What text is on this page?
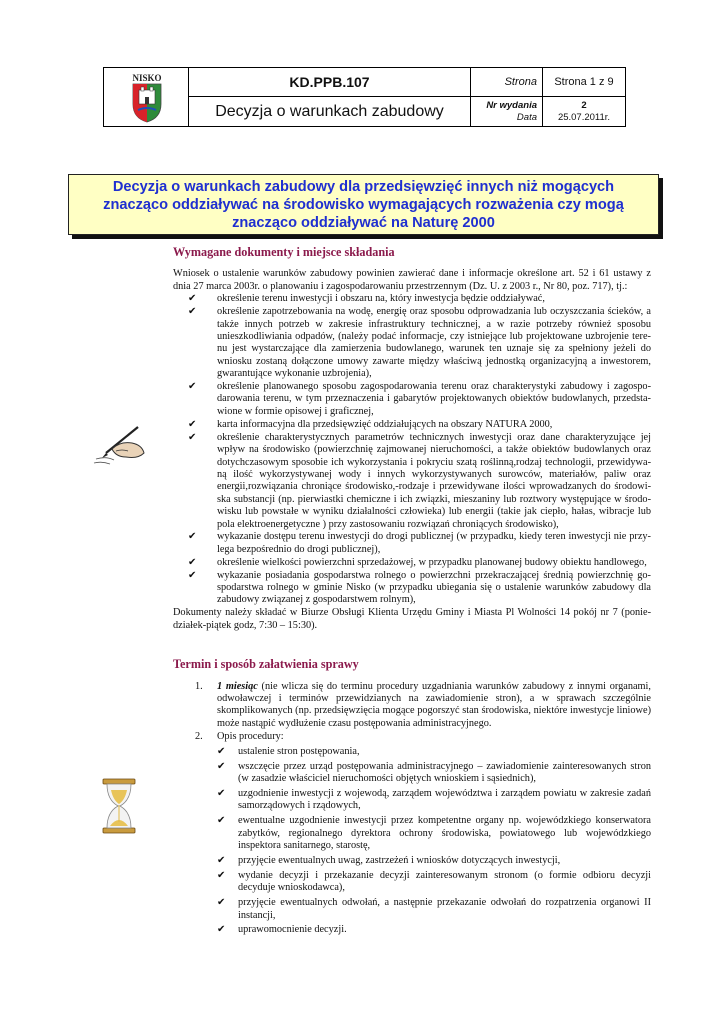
NISKO	KD.PPB.107
Decyzja o warunkach zabudowy
Strona	Strona 1 z 9
Nr wydania
Data
2
25.07.2011r.
Decyzja o warunkach zabudowy dla przedsięwzięć innych niż mogących
znacząco oddziaływać na środowisko wymagających rozważenia czy mogą
znacząco oddziaływać na Naturę 2000
Wymagane dokumenty i miejsce składania

Wniosek o ustalenie warunków zabudowy powinien zawierać dane i informacje określone art. 52 i 61 ustawy z dnia 27 marca 2003r. o planowaniu i zagospodarowaniu przestrzennym (Dz. U. z 2003 r., Nr 80, poz. 717), tj.:

✔ określenie terenu inwestycji i obszaru na, który inwestycja będzie oddziaływać,
✔ określenie zapotrzebowania na wodę, energię oraz sposobu odprowadzania lub oczyszczania ścieków, a także innych potrzeb w zakresie infrastruktury technicznej, a w razie potrzeby również sposobu unieszkodliwiania odpadów, (należy podać informacje, czy istniejące lub projektowane uzbrojenie tere-nu jest wystarczające dla zamierzenia budowlanego, warunek ten uznaje się za spełniony jeżeli do wniosku zostaną dołączone umowy zawarte między właściwą jednostką organizacyjną a inwestorem, gwarantujące wykonanie uzbrojenia),
✔ określenie planowanego sposobu zagospodarowania terenu oraz charakterystyki zabudowy i zagospo-darowania terenu, w tym przeznaczenia i gabarytów projektowanych obiektów budowlanych, przedsta-wione w formie opisowej i graficznej,
✔ karta informacyjna dla przedsięwzięć oddziałujących na obszary NATURA 2000,
✔ określenie charakterystycznych parametrów technicznych inwestycji oraz dane charakteryzujące jej wpływ na środowisko (powierzchnię zajmowanej nieruchomości, a także obiektów budowlanych oraz dotychczasowym sposobie ich wykorzystania i pokryciu szatą roślinną,rodzaj technologii, przewidywa-ną ilość wykorzystywanej wody i innych wykorzystywanych surowców, materiałów, paliw oraz energii,rozwiązania chroniące środowisko,-rodzaje i przewidywane ilości wprowadzanych do środowi-ska substancji (np. pierwiastki chemiczne i ich związki, mieszaniny lub roztwory występujące w środo-wisku lub powstałe w wyniku działalności człowieka) lub energii (takie jak ciepło, hałas, wibracje lub pola elektroenergetyczne ) przy zastosowaniu rozwiązań chroniących środowisko),
✔ wykazanie dostępu terenu inwestycji do drogi publicznej (w przypadku, kiedy teren inwestycji nie przy-lega bezpośrednio do drogi publicznej),
✔ określenie wielkości powierzchni sprzedażowej, w przypadku planowanej budowy obiektu handlowego,
✔ wykazanie posiadania gospodarstwa rolnego o powierzchni przekraczającej średnią powierzchnię go-spodarstwa rolnego w gminie Nisko (w przypadku ubiegania się o ustalenie warunków zabudowy dla zabudowy związanej z gospodarstwem rolnym),

Dokumenty należy składać w Biurze Obsługi Klienta Urzędu Gminy i Miasta Pl Wolności 14 pokój nr 7 (ponie-działek-piątek godz, 7:30 – 15:30).

Termin i sposób załatwienia sprawy
1. 1 miesiąc (nie wlicza się do terminu procedury uzgadniania warunków zabudowy z innymi organami, odwoławczej i terminów przewidzianych na zawiadomienie stron), a w sprawach szczególnie skomplikowanych (np. przedsięwzięcia mogące pogorszyć stan środowiska, niektóre inwestycje liniowe) może nastąpić wydłużenie czasu postępowania administracyjnego.
2. Opis procedury:
✔ ustalenie stron postępowania,
✔ wszczęcie przez urząd postępowania administracyjnego – zawiadomienie zainteresowanych stron (w zasadzie właściciel nieruchomości objętych wnioskiem i sąsiednich),
✔ uzgodnienie inwestycji z wojewodą, zarządem województwa i zarządem powiatu w zakresie zadań samorządowych i rządowych,
✔ ewentualne uzgodnienie inwestycji przez kompetentne organy np. wojewódzkiego konserwatora zabytków, regionalnego dyrektora ochrony środowiska, powiatowego lub wojewódzkiego inspektora sanitarnego, starostę,
✔ przyjęcie ewentualnych uwag, zastrzeżeń i wniosków dotyczących inwestycji,
✔ wydanie decyzji i przekazanie decyzji zainteresowanym stronom (o formie odbioru decyzji decyduje wnioskodawca),
✔ przyjęcie ewentualnych odwołań, a następnie przekazanie odwołań do rozpatrzenia organowi II instancji,
✔ uprawomocnienie decyzji.
